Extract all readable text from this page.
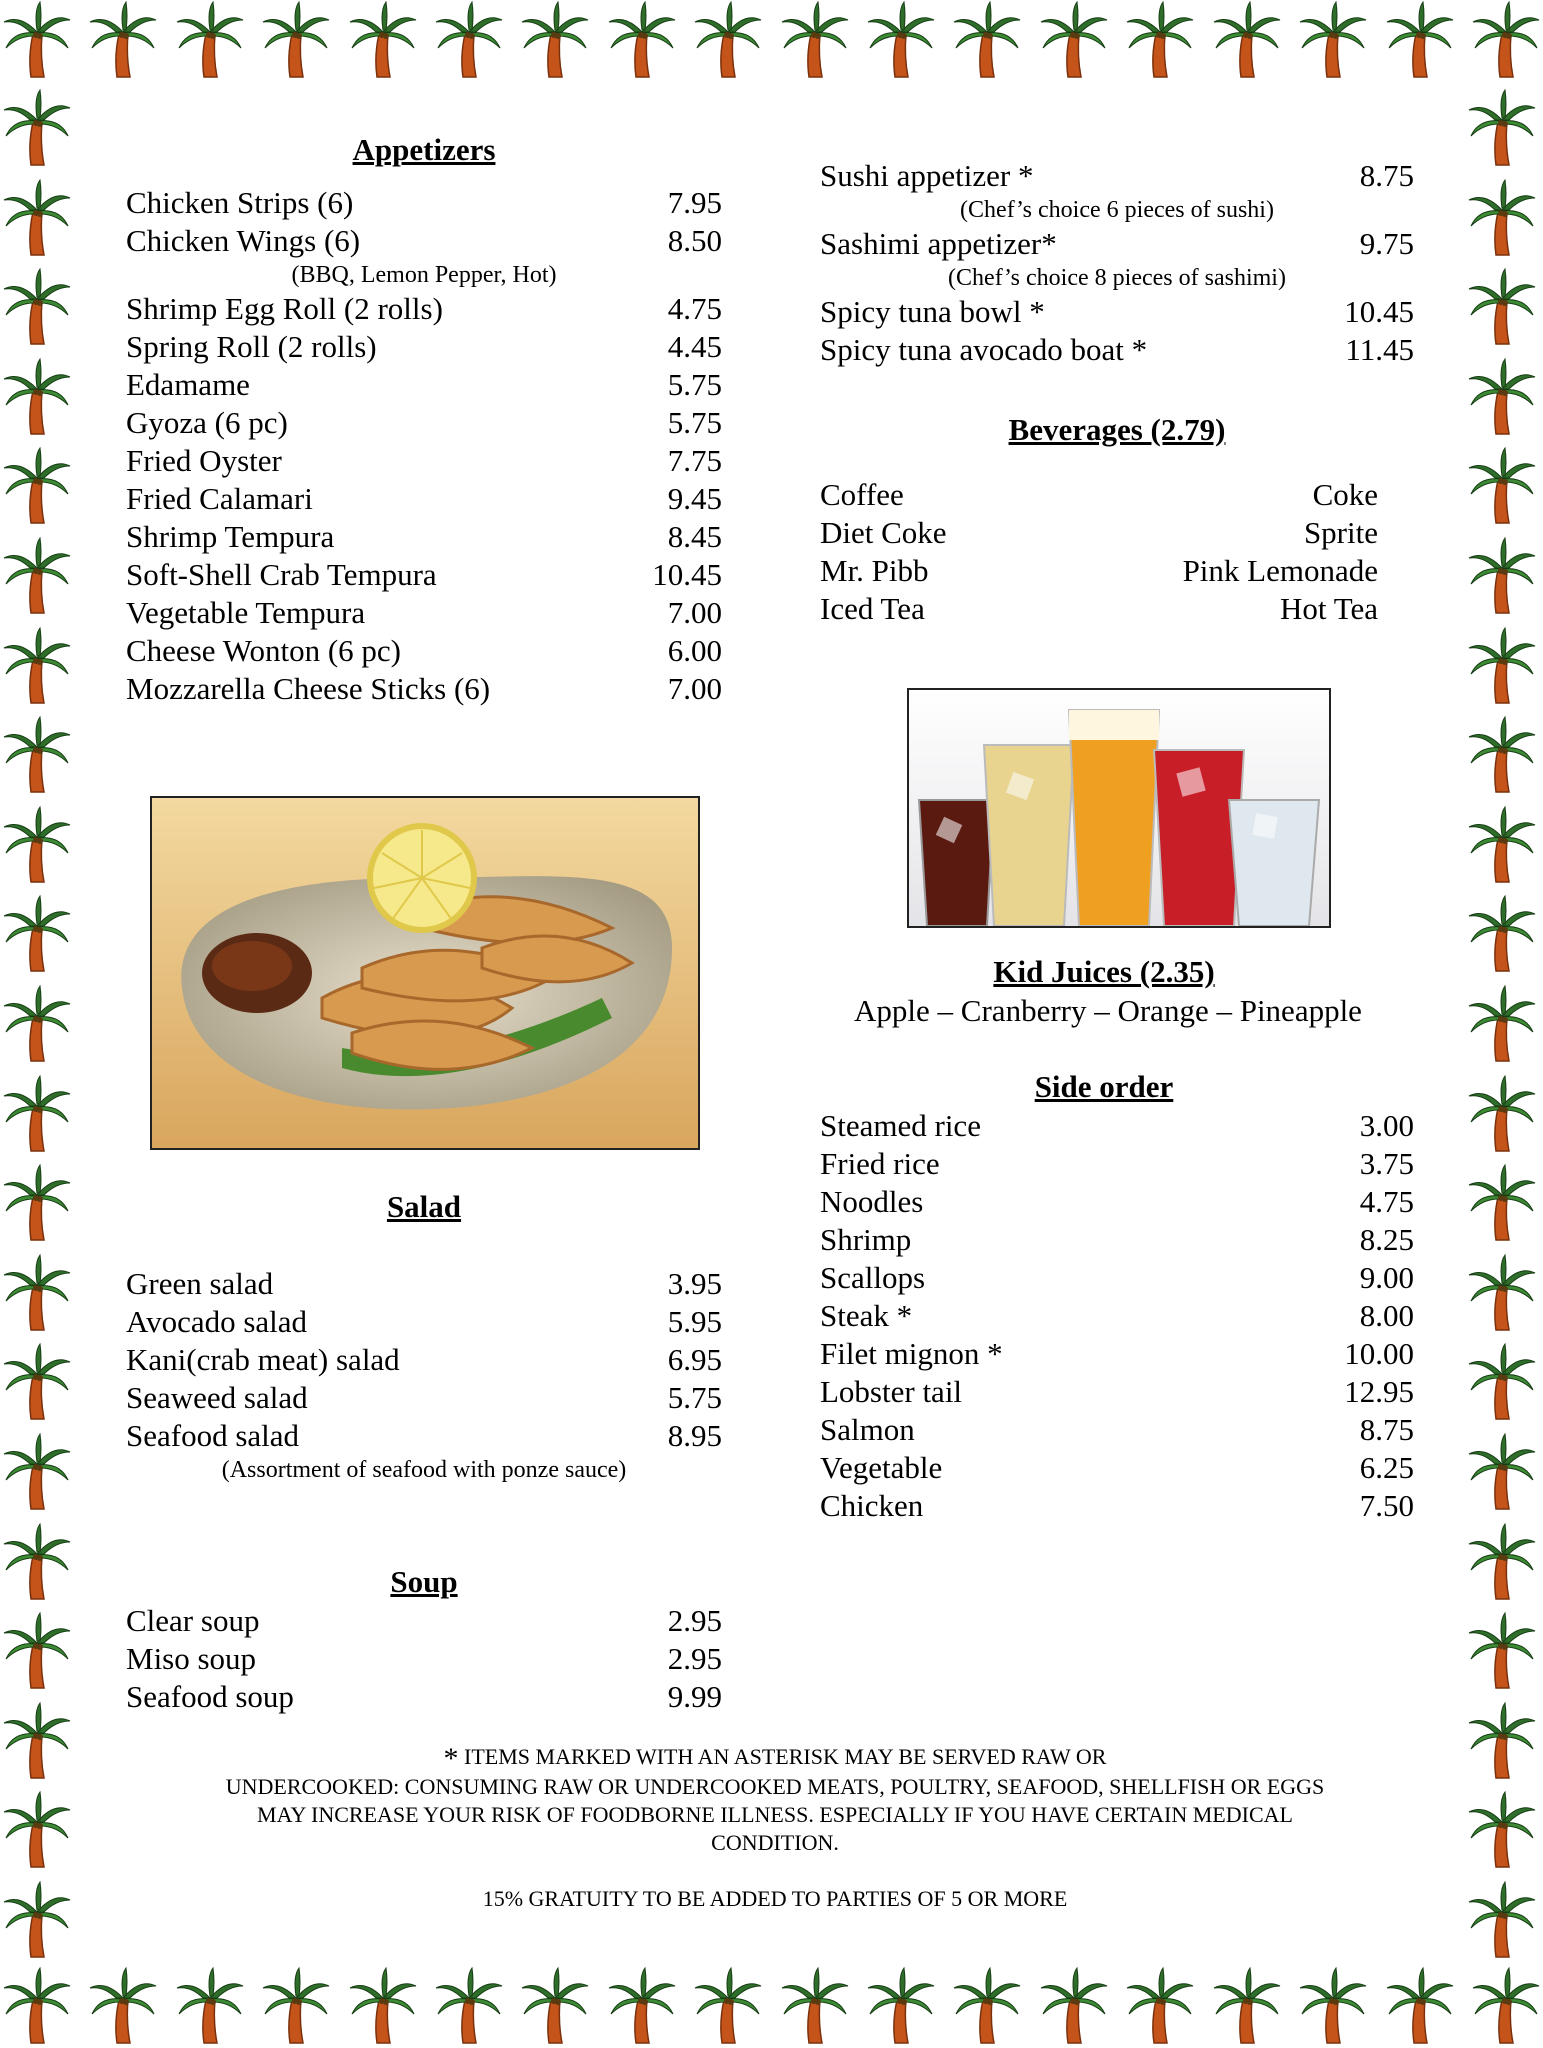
Appetizers
Chicken Strips (6)	7.95
Chicken Wings (6)	8.50
(BBQ, Lemon Pepper, Hot)
Shrimp Egg Roll (2 rolls)	4.75
Spring Roll (2 rolls)	4.45
Edamame	5.75
Gyoza (6 pc)	5.75
Fried Oyster	7.75
Fried Calamari	9.45
Shrimp Tempura	8.45
Soft-Shell Crab Tempura	10.45
Vegetable Tempura	7.00
Cheese Wonton (6 pc)	6.00
Mozzarella Cheese Sticks (6)	7.00
Salad
Green salad	3.95
Avocado salad	5.95
Kani(crab meat) salad	6.95
Seaweed salad	5.75
Seafood salad	8.95
(Assortment of seafood with ponze sauce)
Soup
Clear soup	2.95
Miso soup	2.95
Seafood soup	9.99
Sushi appetizer *	8.75
(Chef’s choice 6 pieces of sushi)
Sashimi appetizer*	9.75
(Chef’s choice 8 pieces of sashimi)
Spicy tuna bowl *	10.45
Spicy tuna avocado boat *	11.45
Beverages (2.79)
Coffee	Coke
Diet Coke	Sprite
Mr. Pibb	Pink Lemonade
Iced Tea	Hot Tea
Kid Juices (2.35)
Apple – Cranberry – Orange – Pineapple
Side order
Steamed rice	3.00
Fried rice	3.75
Noodles	4.75
Shrimp	8.25
Scallops	9.00
Steak *	8.00
Filet mignon *	10.00
Lobster tail	12.95
Salmon	8.75
Vegetable	6.25
Chicken	7.50
* ITEMS MARKED WITH AN ASTERISK MAY BE SERVED RAW OR
UNDERCOOKED: CONSUMING RAW OR UNDERCOOKED MEATS, POULTRY, SEAFOOD, SHELLFISH OR EGGS
MAY INCREASE YOUR RISK OF FOODBORNE ILLNESS. ESPECIALLY IF YOU HAVE CERTAIN MEDICAL
CONDITION.
15% GRATUITY TO BE ADDED TO PARTIES OF 5 OR MORE
